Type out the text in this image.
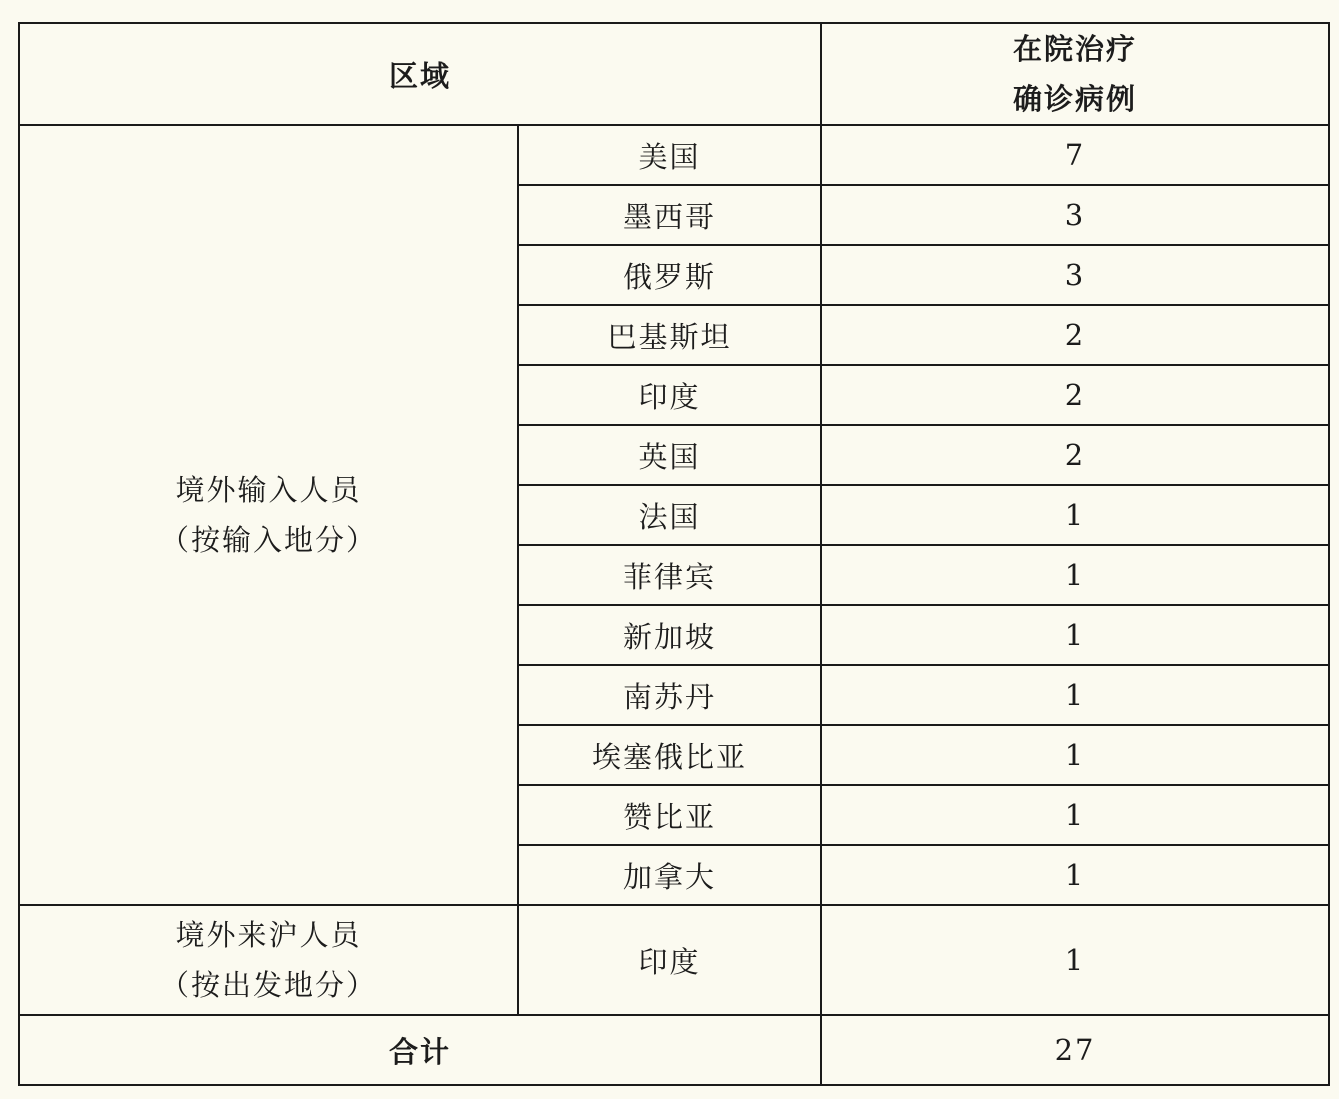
区域		在院治疗
确诊病例

境外输入人员
（按输入地分）	美国	7
	墨西哥	3
	俄罗斯	3
	巴基斯坦	2
	印度	2
	英国	2
	法国	1
	菲律宾	1
	新加坡	1
	南苏丹	1
	埃塞俄比亚	1
	赞比亚	1
	加拿大	1

境外来沪人员
（按出发地分）	印度	1
合计		27
